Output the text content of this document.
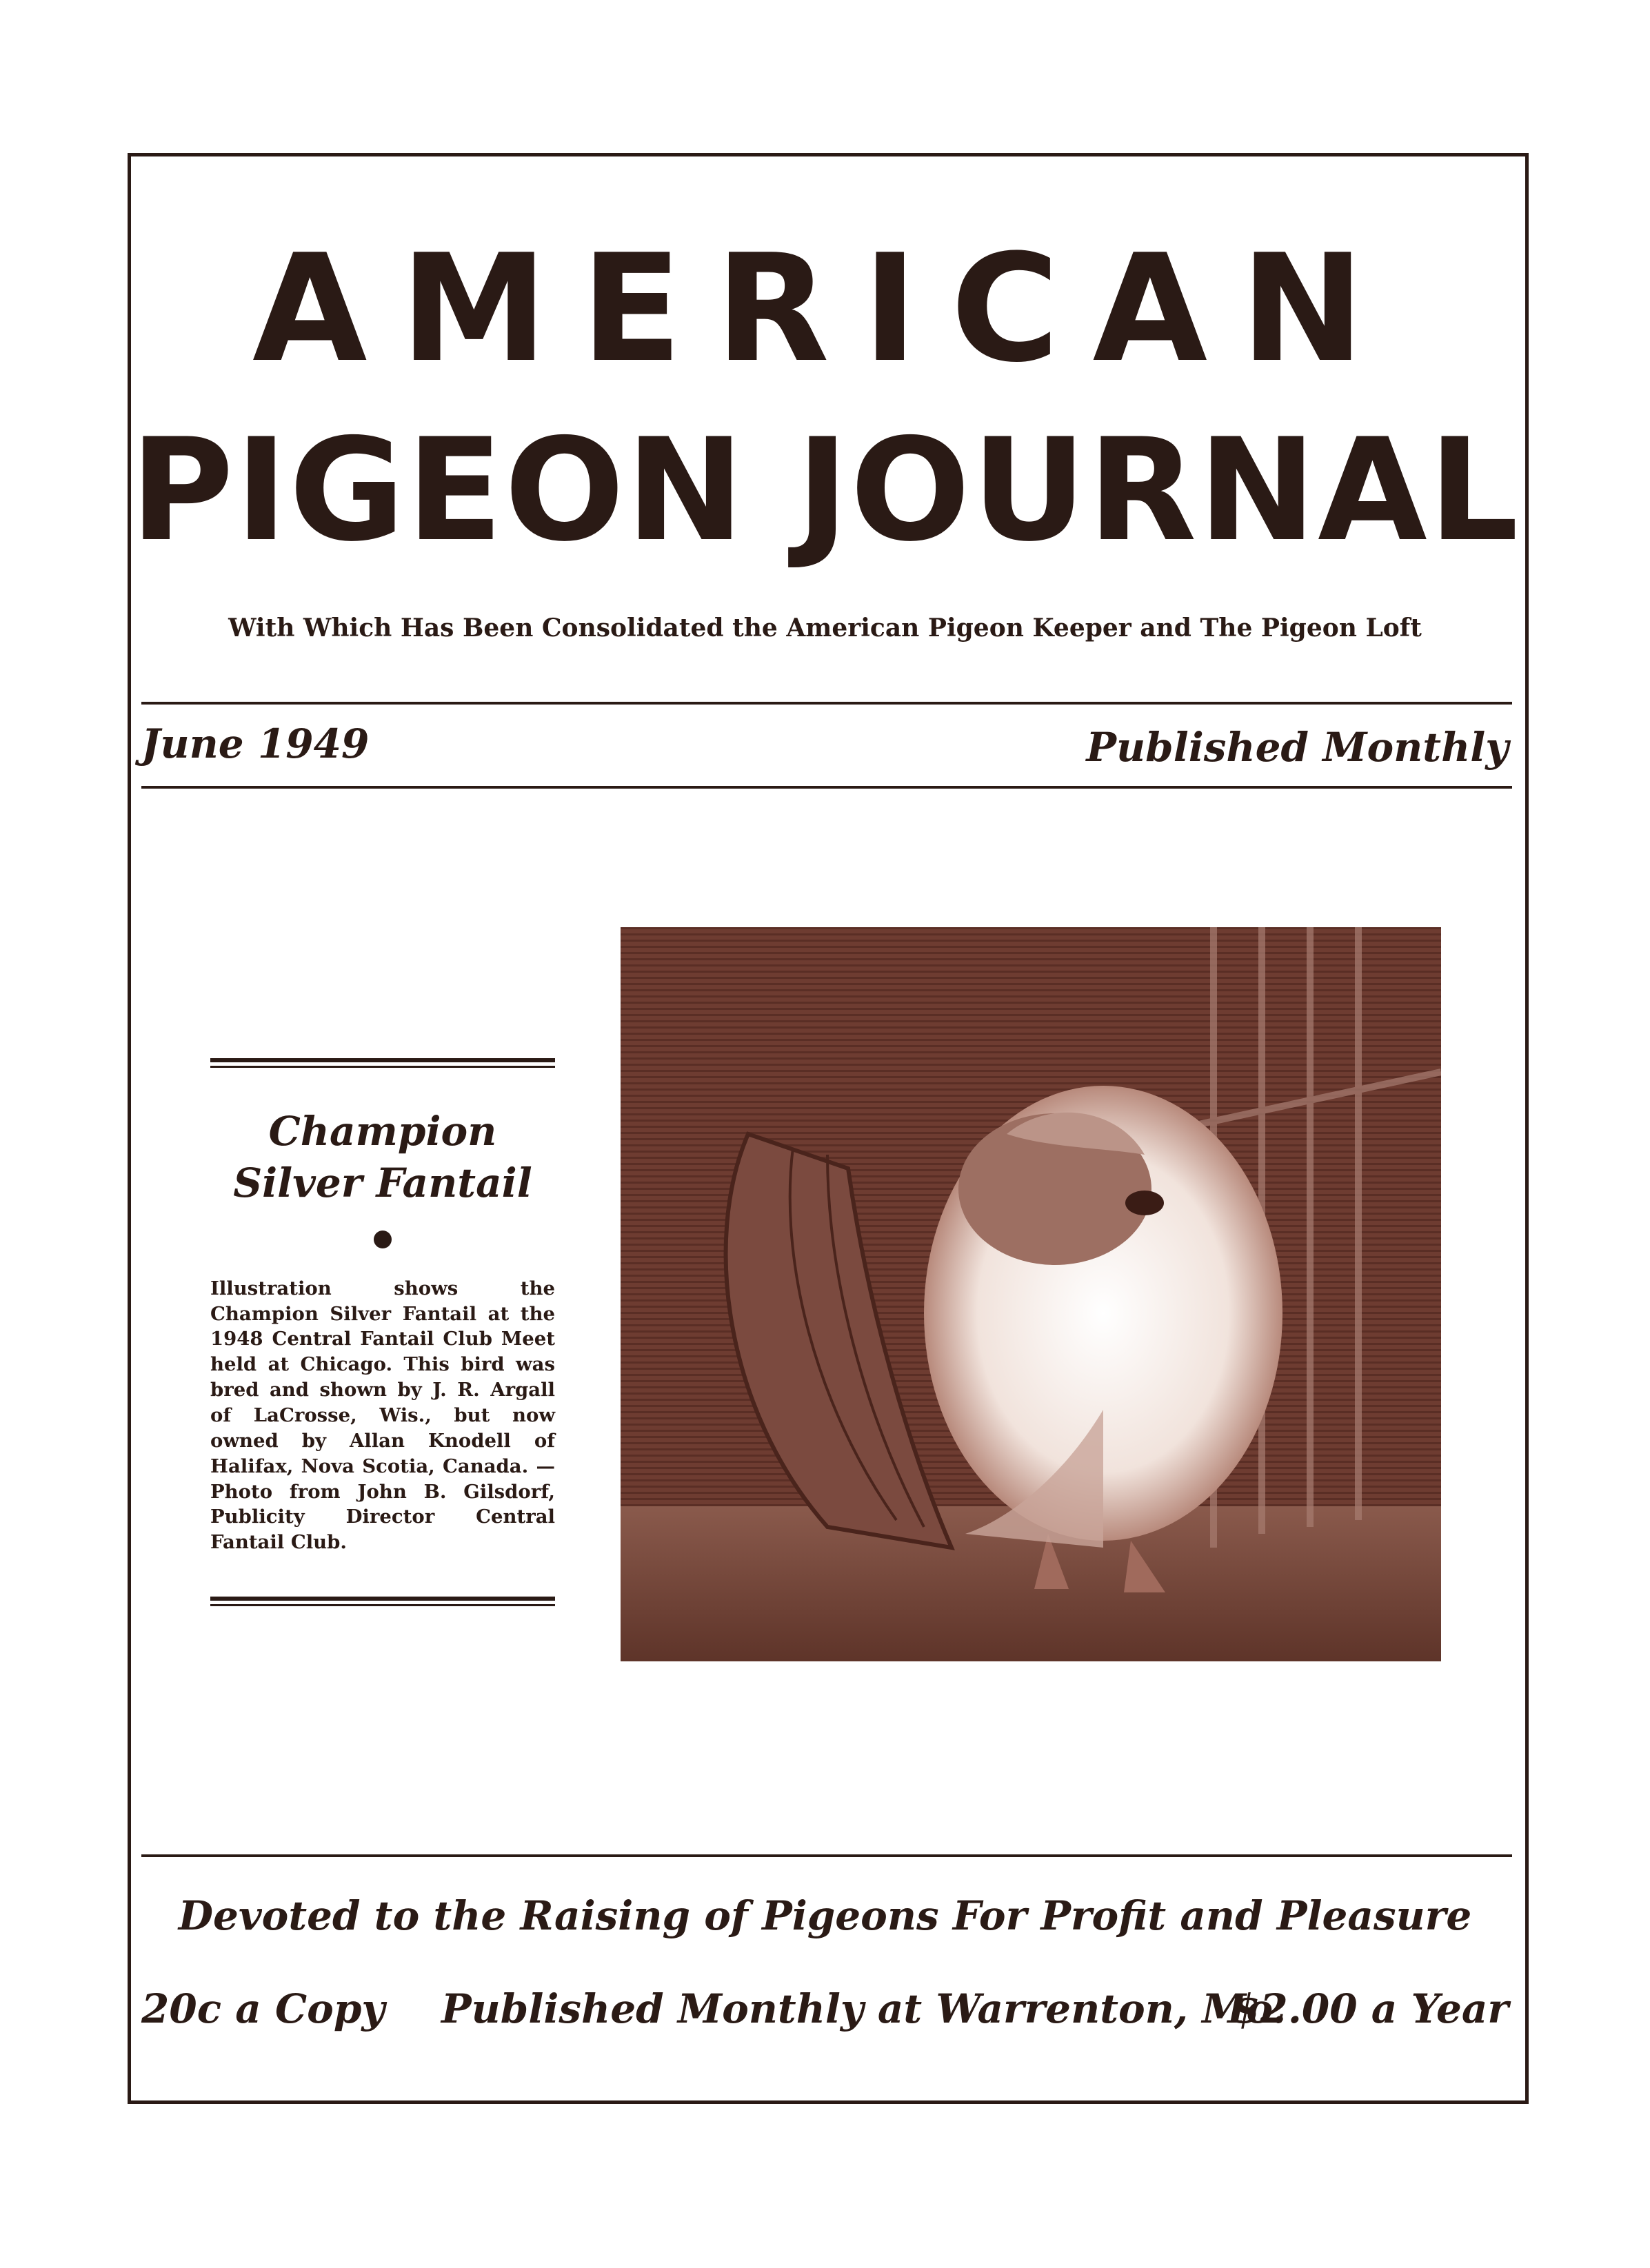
AMERICAN
PIGEON JOURNAL
With Which Has Been Consolidated the American Pigeon Keeper and The Pigeon Loft
June 1949	Published Monthly
Champion
Silver Fantail
Illustration shows the Champion Silver Fantail at the 1948 Central Fantail Club Meet held at Chicago. This bird was bred and shown by J. R. Argall of LaCrosse, Wis., but now owned by Allan Knodell of Halifax, Nova Scotia, Canada. — Photo from John B. Gilsdorf, Publicity Director Central Fantail Club.
Devoted to the Raising of Pigeons For Profit and Pleasure
20c a Copy Published Monthly at Warrenton, Mo.
$2.00 a Year
